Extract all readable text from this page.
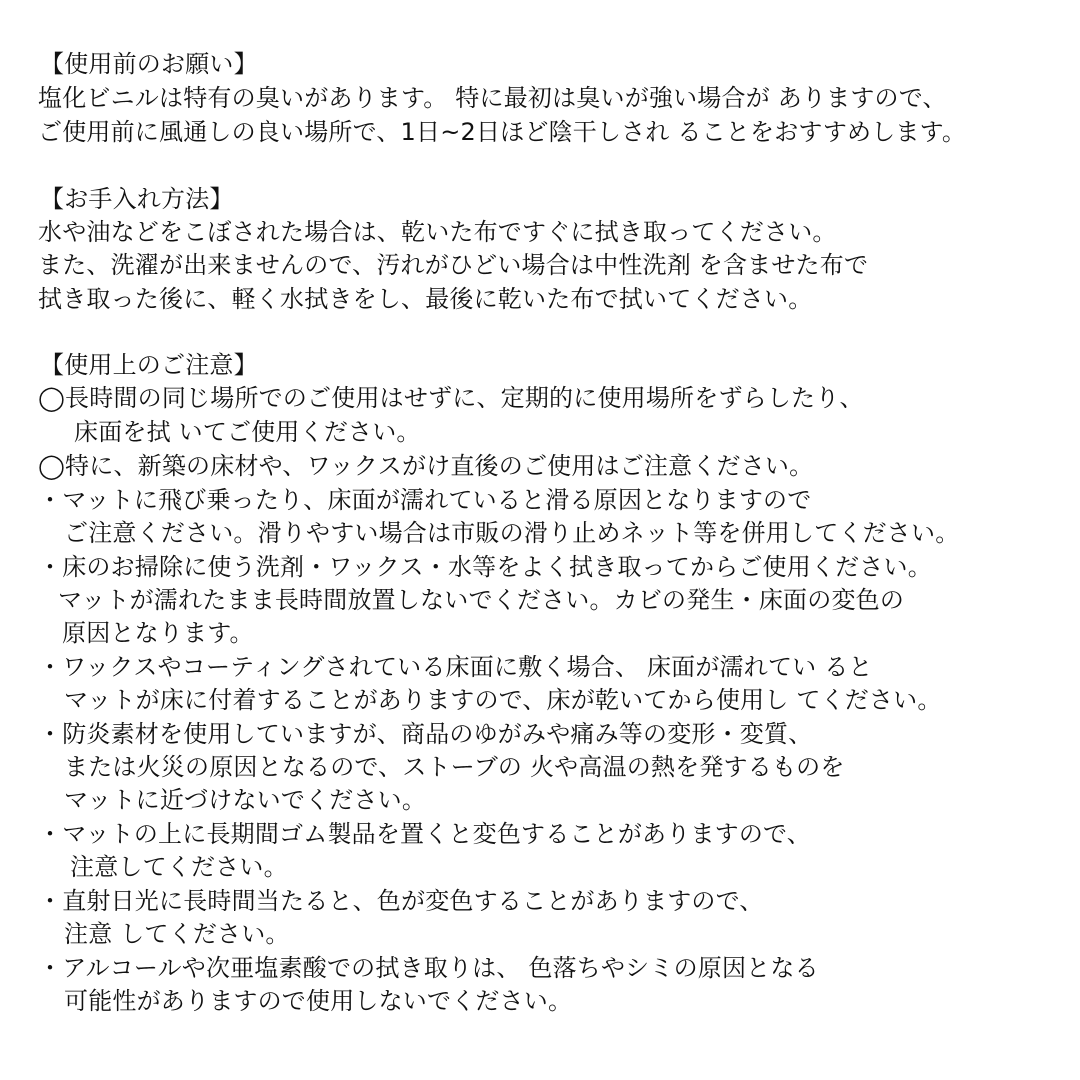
【使用前のお願い】
塩化ビニルは特有の臭いがあります。 特に最初は臭いが強い場合が ありますので、
ご使用前に風通しの良い場所で、1日~2日ほど陰干しされ ることをおすすめします。
【お手入れ方法】
水や油などをこぼされた場合は、乾いた布ですぐに拭き取ってください。
また、洗濯が出来ませんので、汚れがひどい場合は中性洗剤 を含ませた布で
拭き取った後に、軽く水拭きをし、最後に乾いた布で拭いてください。
【使用上のご注意】
◯長時間の同じ場所でのご使用はせずに、定期的に使用場所をずらしたり、
床面を拭 いてご使用ください。
◯特に、新築の床材や、ワックスがけ直後のご使用はご注意ください。
・マットに飛び乗ったり、床面が濡れていると滑る原因となりますので
ご注意ください。滑りやすい場合は市販の滑り止めネット等を併用してください。
・床のお掃除に使う洗剤・ワックス・水等をよく拭き取ってからご使用ください。
マットが濡れたまま長時間放置しないでください。カビの発生・床面の変色の
原因となります。
・ワックスやコーティングされている床面に敷く場合、 床面が濡れてい ると
マットが床に付着することがありますので、床が乾いてから使用し てください。
・防炎素材を使用していますが、商品のゆがみや痛み等の変形・変質、
または火災の原因となるので、ストーブの 火や高温の熱を発するものを
マットに近づけないでください。
・マットの上に長期間ゴム製品を置くと変色することがありますので、
注意してください。
・直射日光に長時間当たると、色が変色することがありますので、
注意 してください。
・アルコールや次亜塩素酸での拭き取りは、 色落ちやシミの原因となる
可能性がありますので使用しないでください。
